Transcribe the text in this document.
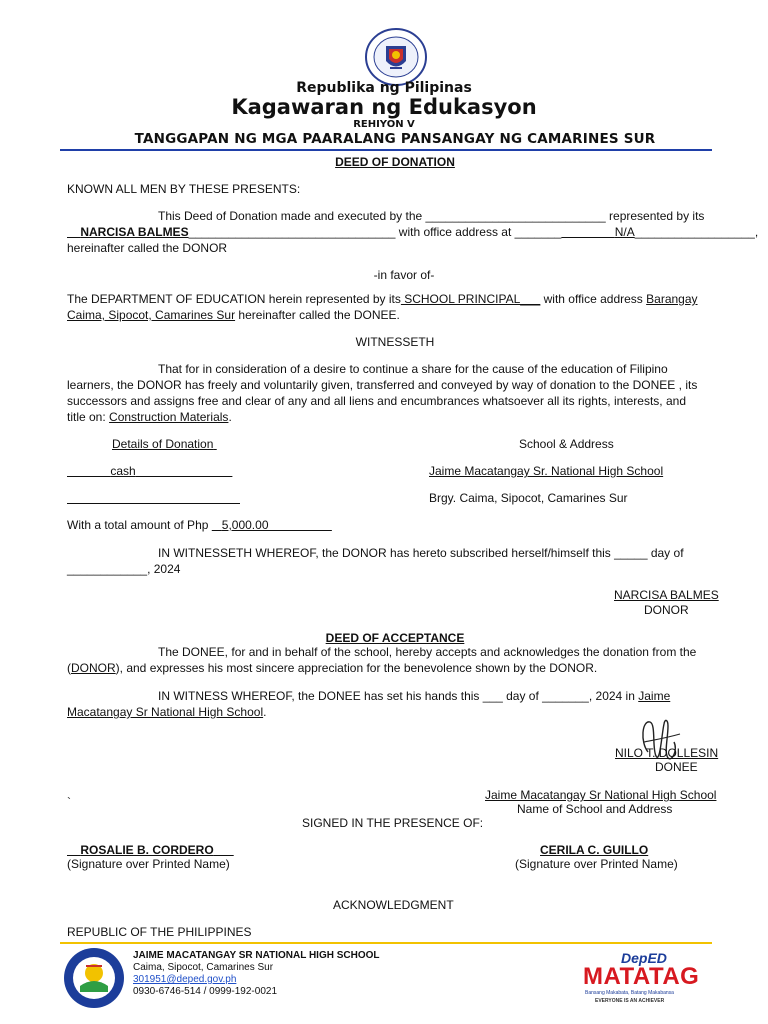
Republika ng Pilipinas
Kagawaran ng Edukasyon
REHIYON V
TANGGAPAN NG MGA PAARALANG PANSANGAY NG CAMARINES SUR
DEED OF DONATION
KNOWN ALL MEN BY THESE PRESENTS:
This Deed of Donation made and executed by the ___________________________ represented by its
NARCISA BALMES_______________________________ with office address at _______	N/A__________________,
hereinafter called the DONOR
-in favor of-
The DEPARTMENT OF EDUCATION herein represented by its SCHOOL PRINCIPAL___ with office address Barangay
Caima, Sipocot, Camarines Sur hereinafter called the DONEE.
WITNESSETH
That for in consideration of a desire to continue a share for the cause of the education of Filipino
learners, the DONOR has freely and voluntarily given, transferred and conveyed by way of donation to the DONEE , its
successors and assigns free and clear of any and all liens and encumbrances whatsoever all its rights, interests, and
title on: Construction Materials.
Details of Donation	School & Address
cash	Jaime Macatangay Sr. National High School
Brgy. Caima, Sipocot, Camarines Sur
With a total amount of Php 5,000.00
IN WITNESSETH WHEREOF, the DONOR has hereto subscribed herself/himself this _____ day of
____________, 2024
NARCISA BALMES
DONOR
DEED OF ACCEPTANCE
The DONEE, for and in behalf of the school, hereby accepts and acknowledges the donation from the
(DONOR), and expresses his most sincere appreciation for the benevolence shown by the DONOR.
IN WITNESS WHEREOF, the DONEE has set his hands this ___ day of _______, 2024 in Jaime
Macatangay Sr National High School.
NILO T. DOLLESIN
DONEE
`	Jaime Macatangay Sr National High School
Name of School and Address
SIGNED IN THE PRESENCE OF:
ROSALIE B. CORDERO
(Signature over Printed Name)
CERILA C. GUILLO
(Signature over Printed Name)
ACKNOWLEDGMENT
REPUBLIC OF THE PHILIPPINES
JAIME MACATANGAY SR NATIONAL HIGH SCHOOL
Caima, Sipocot, Camarines Sur
301951@deped.gov.ph
0930-6746-514 / 0999-192-0021
DepED
MATATAG
Bansang Makabata, Batang Makabansa
EVERYONE IS AN ACHIEVER
